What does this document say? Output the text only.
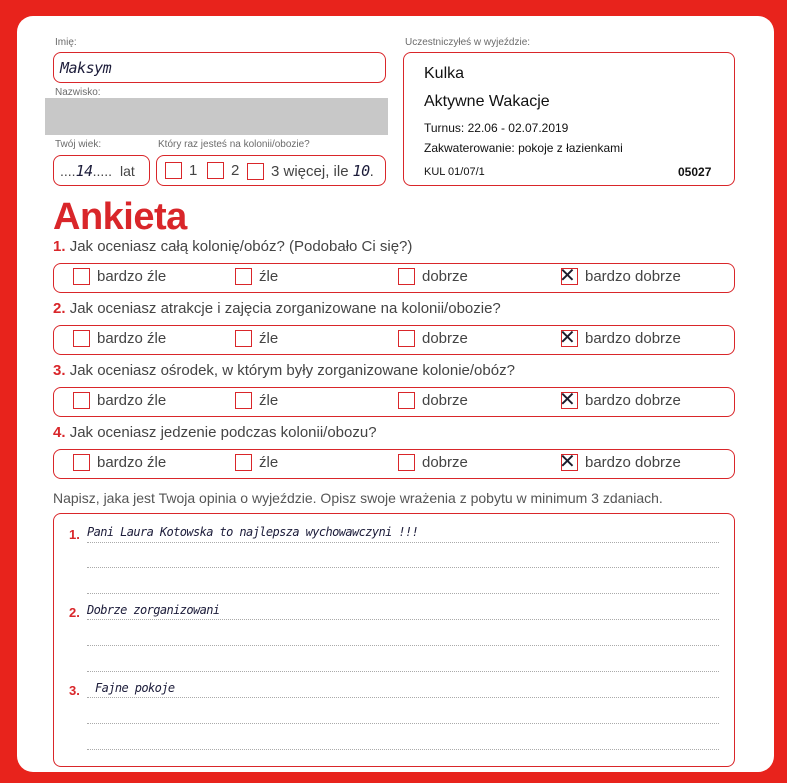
Imię:
Maksym
Nazwisko:
Twój wiek:
....14..... lat
Który raz jesteś na kolonii/obozie?
1 2 3 więcej, ile 10 .
Uczestniczyłeś w wyjeździe:
Kulka
Aktywne Wakacje
Turnus: 22.06 - 02.07.2019
Zakwaterowanie: pokoje z łazienkami
KUL 01/07/1	05027
Ankieta
1. Jak oceniasz całą kolonię/obóz? (Podobało Ci się?)
bardzo źle	źle	dobrze	✕ bardzo dobrze
2. Jak oceniasz atrakcje i zajęcia zorganizowane na kolonii/obozie?
bardzo źle	źle	dobrze	✕ bardzo dobrze
3. Jak oceniasz ośrodek, w którym były zorganizowane kolonie/obóz?
bardzo źle	źle	dobrze	✕ bardzo dobrze
4. Jak oceniasz jedzenie podczas kolonii/obozu?
bardzo źle	źle	dobrze	✕ bardzo dobrze
Napisz, jaka jest Twoja opinia o wyjeździe. Opisz swoje wrażenia z pobytu w minimum 3 zdaniach.
1. Pani Laura Kotowska to najlepsza wychowawczyni !!!
2. Dobrze zorganizowani
3. Fajne pokoje
